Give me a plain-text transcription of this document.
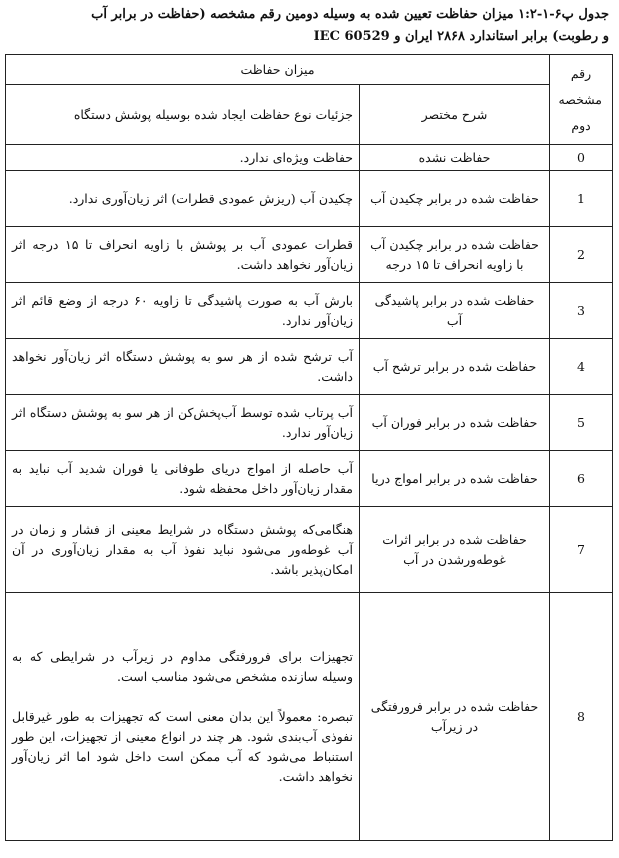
جدول پ۶-۱-۱:۲ میزان حفاظت تعیین شده به وسیله دومین رقم مشخصه (حفاظت در برابر آب
و رطوبت) برابر استاندارد ۲۸۶۸ ایران و IEC 60529
رقم مشخصه دوم	میزان حفاظت	
	شرح مختصر	جزئیات نوع حفاظت ایجاد شده بوسیله پوشش دستگاه
0	حفاظت نشده	حفاظت ویژه‌ای ندارد.
1	حفاظت شده در برابر چکیدن آب	چکیدن آب (ریزش عمودی قطرات) اثر زیان‌آوری ندارد.
2	حفاظت شده در برابر چکیدن آب با زاویه انحراف تا ۱۵ درجه	قطرات عمودی آب بر پوشش با زاویه انحراف تا ۱۵ درجه اثر زیان‌آور نخواهد داشت.
3	حفاظت شده در برابر پاشیدگی آب	بارش آب به صورت پاشیدگی تا زاویه ۶۰ درجه از وضع قائم اثر زیان‌آور ندارد.
4	حفاظت شده در برابر ترشح آب	آب ترشح شده از هر سو به پوشش دستگاه اثر زیان‌آور نخواهد داشت.
5	حفاظت شده در برابر فوران آب	آب پرتاب شده توسط آب‌پخش‌کن از هر سو به پوشش دستگاه اثر زیان‌آور ندارد.
6	حفاظت شده در برابر امواج دریا	آب حاصله از امواج دریای طوفانی یا فوران شدید آب نباید به مقدار زیان‌آور داخل محفظه شود.
7	حفاظت شده در برابر اثرات غوطه‌ورشدن در آب	هنگامی‌که پوشش دستگاه در شرایط معینی از فشار و زمان در آب غوطه‌ور می‌شود نباید نفوذ آب به مقدار زیان‌آوری در آن امکان‌پذیر باشد.
8	حفاظت شده در برابر فرورفتگی در زیرآب	تجهیزات برای فرورفتگی مداوم در زیرآب در شرایطی که به وسیله سازنده مشخص می‌شود مناسب است.
تبصره: معمولاً این بدان معنی است که تجهیزات به طور غیرقابل نفوذی آب‌بندی شود. هر چند در انواع معینی از تجهیزات، این طور استنباط می‌شود که آب ممکن است داخل شود اما اثر زیان‌آور نخواهد داشت.
